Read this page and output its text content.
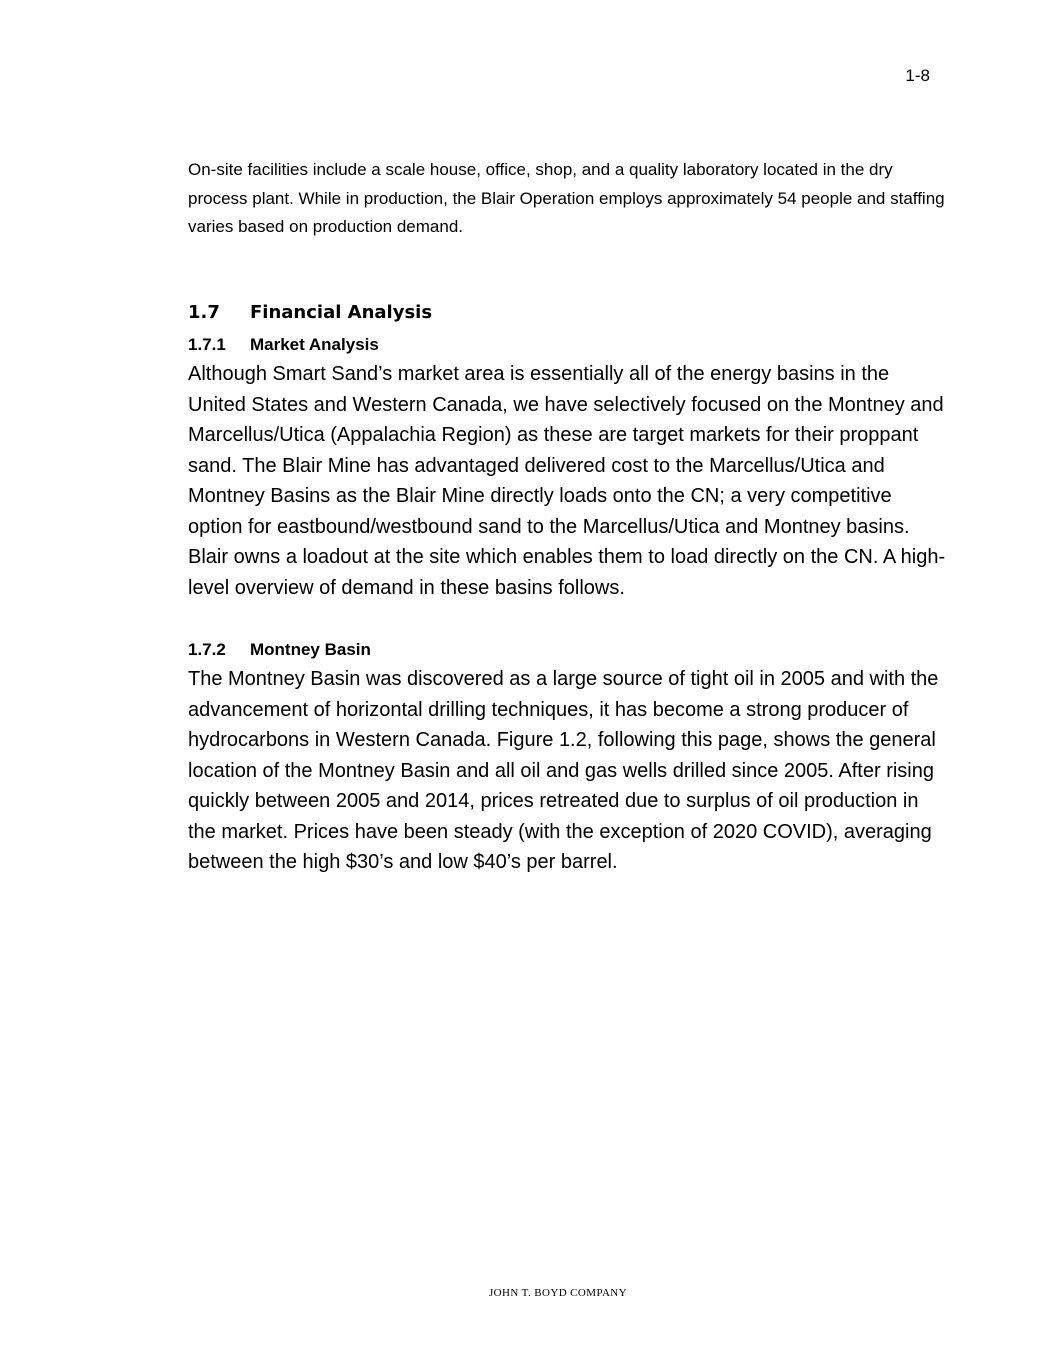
1-8

On-site facilities include a scale house, office, shop, and a quality laboratory located in the dry process plant. While in production, the Blair Operation employs approximately 54 people and staffing varies based on production demand.

1.7 Financial Analysis
1.7.1 Market Analysis

Although Smart Sand’s market area is essentially all of the energy basins in the United States and Western Canada, we have selectively focused on the Montney and Marcellus/Utica (Appalachia Region) as these are target markets for their proppant sand. The Blair Mine has advantaged delivered cost to the Marcellus/Utica and Montney Basins as the Blair Mine directly loads onto the CN; a very competitive option for eastbound/westbound sand to the Marcellus/Utica and Montney basins. Blair owns a loadout at the site which enables them to load directly on the CN. A high-level overview of demand in these basins follows.

1.7.2 Montney Basin

The Montney Basin was discovered as a large source of tight oil in 2005 and with the advancement of horizontal drilling techniques, it has become a strong producer of hydrocarbons in Western Canada. Figure 1.2, following this page, shows the general location of the Montney Basin and all oil and gas wells drilled since 2005. After rising quickly between 2005 and 2014, prices retreated due to surplus of oil production in the market. Prices have been steady (with the exception of 2020 COVID), averaging between the high $30’s and low $40’s per barrel.

JOHN T. BOYD COMPANY
